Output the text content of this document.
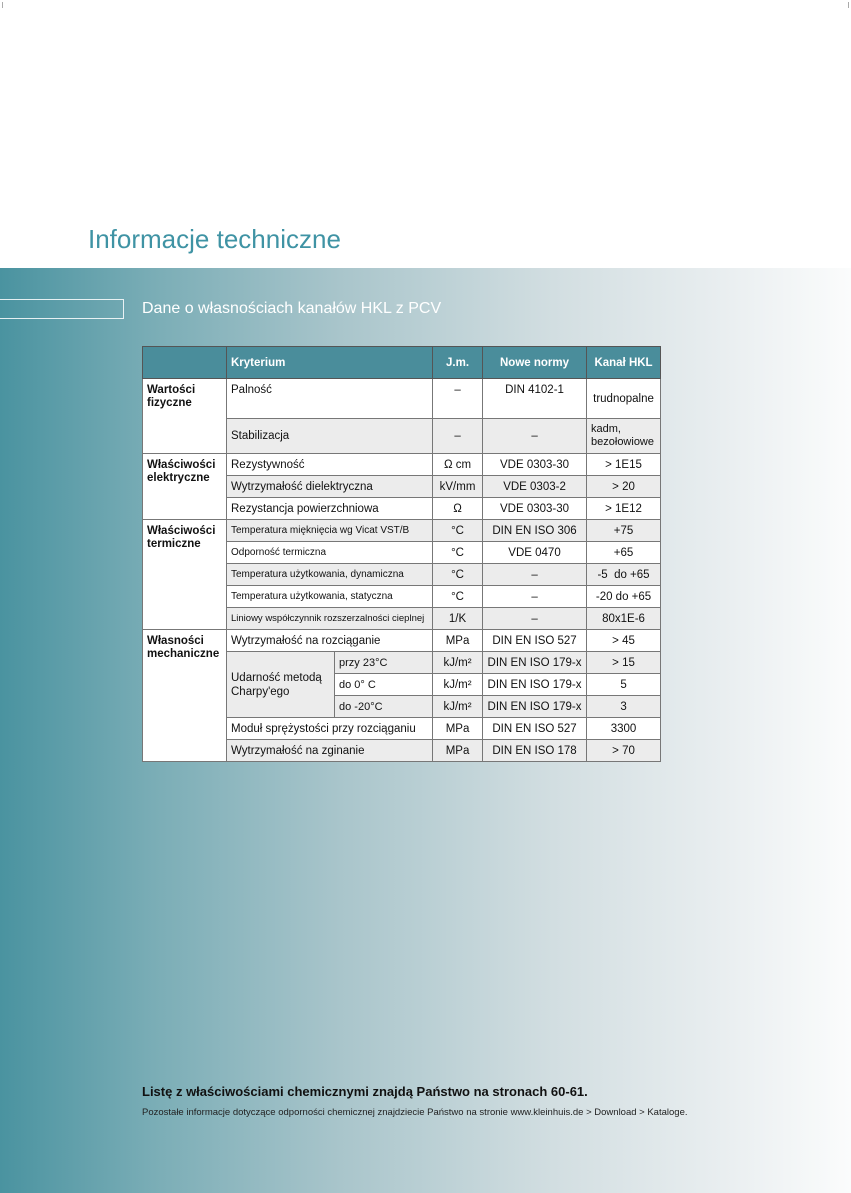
Informacje techniczne
Dane o własnościach kanałów HKL z PCV
	Kryterium		J.m.	Nowe normy	Kanał HKL
Wartości
fizyczne	Palność		–	DIN 4102-1	trudnopalne
	Stabilizacja		–	–	kadm,
bezołowiowe
Właściwości
elektryczne	Rezystywność		Ω cm	VDE 0303-30	> 1E15
	Wytrzymałość dielektryczna		kV/mm	VDE 0303-2	> 20
	Rezystancja powierzchniowa		Ω	VDE 0303-30	> 1E12
Właściwości
termiczne	Temperatura mięknięcia wg Vicat VST/B		°C	DIN EN ISO 306	+75
	Odporność termiczna		°C	VDE 0470	+65
	Temperatura użytkowania, dynamiczna		°C	–	-5  do +65
	Temperatura użytkowania, statyczna		°C	–	-20 do +65
	Liniowy współczynnik rozszerzalności cieplnej		1/K	–	80x1E-6
Własności
mechaniczne	Wytrzymałość na rozciąganie		MPa	DIN EN ISO 527	> 45
	Udarność metodą
Charpy'ego	przy 23°C	kJ/m²	DIN EN ISO 179-x	> 15
		do 0° C	kJ/m²	DIN EN ISO 179-x	5
		do -20°C	kJ/m²	DIN EN ISO 179-x	3
	Moduł sprężystości przy rozciąganiu		MPa	DIN EN ISO 527	3300
	Wytrzymałość na zginanie		MPa	DIN EN ISO 178	> 70

Listę z właściwościami chemicznymi znajdą Państwo na stronach 60-61.

Pozostałe informacje dotyczące odporności chemicznej znajdziecie Państwo na stronie www.kleinhuis.de > Download > Kataloge.
